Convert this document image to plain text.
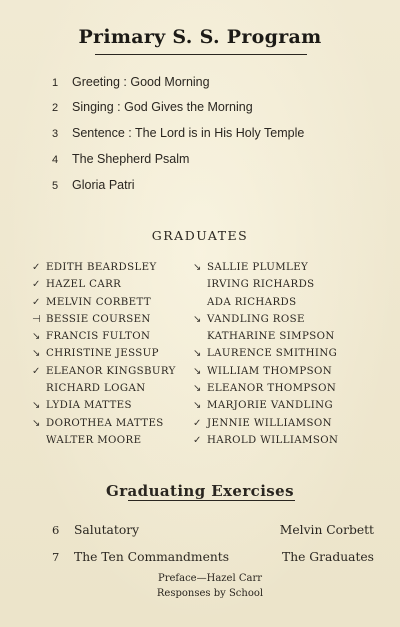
Primary S. S. Program
1 Greeting : Good Morning
2 Singing : God Gives the Morning
3 Sentence : The Lord is in His Holy Temple
4 The Shepherd Psalm
5 Gloria Patri
GRADUATES
✓ EDITH BEARDSLEY
✓ HAZEL CARR
✓ MELVIN CORBETT
⊣ BESSIE COURSEN
↘ FRANCIS FULTON
↘ CHRISTINE JESSUP
✓ ELEANOR KINGSBURY
RICHARD LOGAN
↘ LYDIA MATTES
↘ DOROTHEA MATTES
WALTER MOORE
↘ SALLIE PLUMLEY
IRVING RICHARDS
ADA RICHARDS
↘ VANDLING ROSE
KATHARINE SIMPSON
↘ LAURENCE SMITHING
↘ WILLIAM THOMPSON
↘ ELEANOR THOMPSON
↘ MARJORIE VANDLING
✓ JENNIE WILLIAMSON
✓ HAROLD WILLIAMSON
Graduating Exercises
6 Salutatory	Melvin Corbett
7 The Ten Commandments	The Graduates
Preface—Hazel Carr
Responses by School
